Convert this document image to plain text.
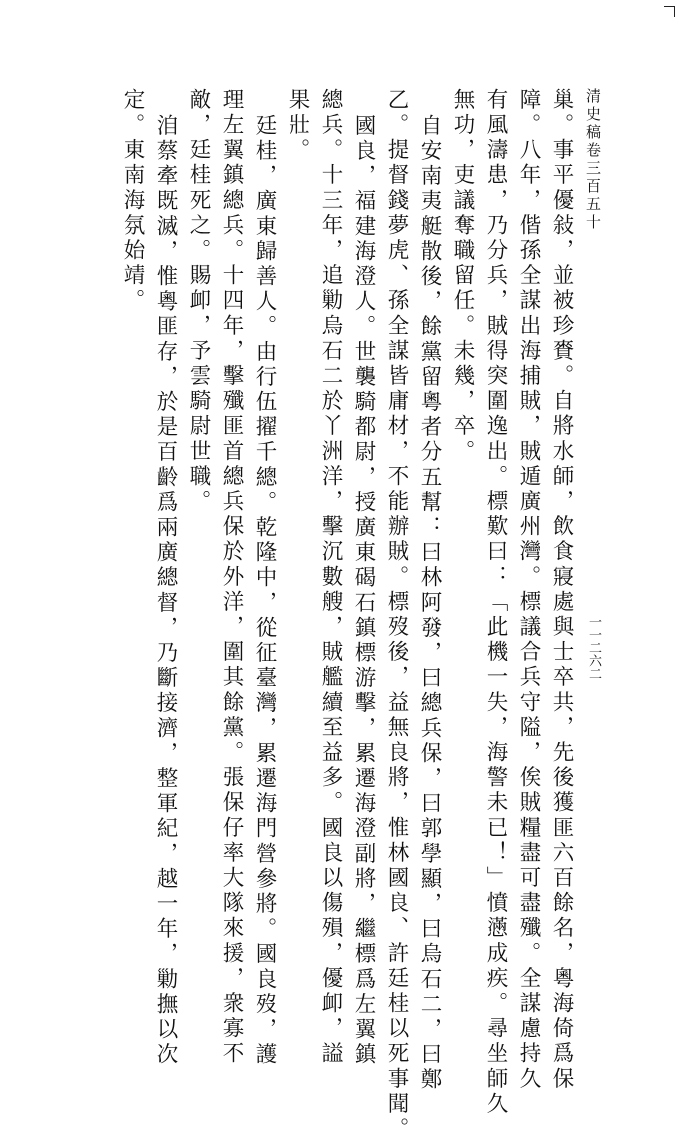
清史稿卷三百五十
一一二六二
巢。事平優敍，並被珍賚。自將水師，飲食寢處與士卒共，先後獲匪六百餘名，粵海倚爲保
障。八年，偕孫全謀出海捕賊，賊遁廣州灣。標議合兵守隘，俟賊糧盡可盡殲。全謀慮持久
有風濤患，乃分兵，賊得突圍逸出。標歎曰：「此機一失，海警未已！」憤懣成疾。尋坐師久
無功，吏議奪職留任。未幾，卒。
自安南夷艇散後，餘黨留粵者分五幫：曰林阿發，曰總兵保，曰郭學顯，曰烏石二，曰鄭
乙。提督錢夢虎、孫全謀皆庸材，不能辦賊。標歿後，益無良將，惟林國良、許廷桂以死事聞。
國良，福建海澄人。世襲騎都尉，授廣東碣石鎮標游擊，累遷海澄副將，繼標爲左翼鎮
總兵。十三年，追勦烏石二於丫洲洋，擊沉數艘，賊艦續至益多。國良以傷殞，優卹，謚
果壯。
廷桂，廣東歸善人。由行伍擢千總。乾隆中，從征臺灣，累遷海門營參將。國良歿，護
理左翼鎮總兵。十四年，擊殲匪首總兵保於外洋，圍其餘黨。張保仔率大隊來援，衆寡不
敵，廷桂死之。賜卹，予雲騎尉世職。
洎蔡牽既滅，惟粵匪存，於是百齡爲兩廣總督，乃斷接濟，整軍紀，越一年，勦撫以次
定。東南海氛始靖。
